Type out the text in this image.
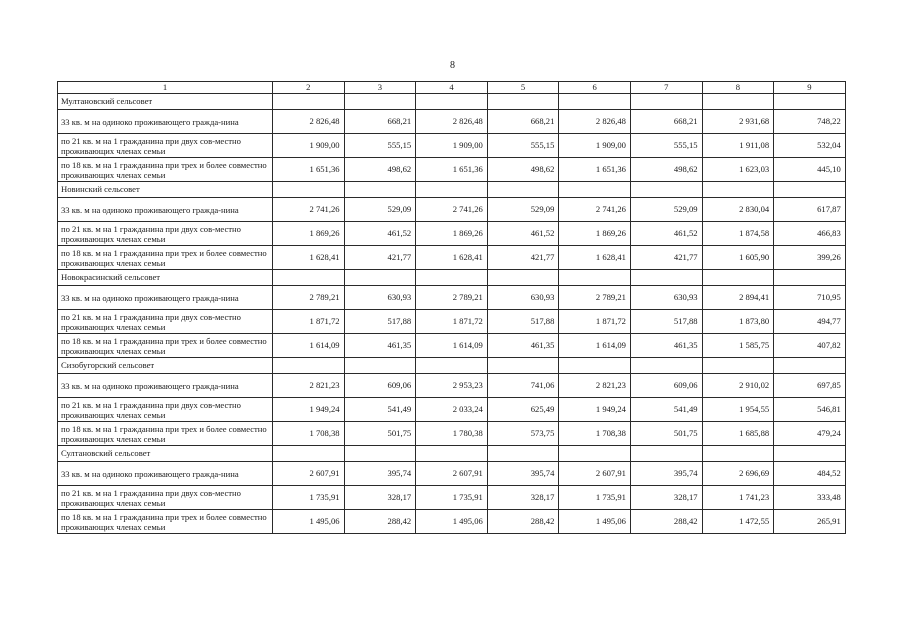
8
1	2	3	4	5	6	7	8	9
Мултановский сельсовет								
33 кв. м на одиноко проживающего гражда-нина	2 826,48	668,21	2 826,48	668,21	2 826,48	668,21	2 931,68	748,22
по 21 кв. м на 1 гражданина при двух сов-местно проживающих членах семьи	1 909,00	555,15	1 909,00	555,15	1 909,00	555,15	1 911,08	532,04
по 18 кв. м на 1 гражданина при трех и более совместно проживающих членах семьи	1 651,36	498,62	1 651,36	498,62	1 651,36	498,62	1 623,03	445,10
Новинский сельсовет								
33 кв. м на одиноко проживающего гражда-нина	2 741,26	529,09	2 741,26	529,09	2 741,26	529,09	2 830,04	617,87
по 21 кв. м на 1 гражданина при двух сов-местно проживающих членах семьи	1 869,26	461,52	1 869,26	461,52	1 869,26	461,52	1 874,58	466,83
по 18 кв. м на 1 гражданина при трех и более совместно проживающих членах семьи	1 628,41	421,77	1 628,41	421,77	1 628,41	421,77	1 605,90	399,26
Новокрасинский сельсовет								
33 кв. м на одиноко проживающего гражда-нина	2 789,21	630,93	2 789,21	630,93	2 789,21	630,93	2 894,41	710,95
по 21 кв. м на 1 гражданина при двух сов-местно проживающих членах семьи	1 871,72	517,88	1 871,72	517,88	1 871,72	517,88	1 873,80	494,77
по 18 кв. м на 1 гражданина при трех и более совместно проживающих членах семьи	1 614,09	461,35	1 614,09	461,35	1 614,09	461,35	1 585,75	407,82
Сизобугорский сельсовет								
33 кв. м на одиноко проживающего гражда-нина	2 821,23	609,06	2 953,23	741,06	2 821,23	609,06	2 910,02	697,85
по 21 кв. м на 1 гражданина при двух сов-местно проживающих членах семьи	1 949,24	541,49	2 033,24	625,49	1 949,24	541,49	1 954,55	546,81
по 18 кв. м на 1 гражданина при трех и более совместно проживающих членах семьи	1 708,38	501,75	1 780,38	573,75	1 708,38	501,75	1 685,88	479,24
Султановский сельсовет								
33 кв. м на одиноко проживающего гражда-нина	2 607,91	395,74	2 607,91	395,74	2 607,91	395,74	2 696,69	484,52
по 21 кв. м на 1 гражданина при двух сов-местно проживающих членах семьи	1 735,91	328,17	1 735,91	328,17	1 735,91	328,17	1 741,23	333,48
по 18 кв. м на 1 гражданина при трех и более совместно проживающих членах семьи	1 495,06	288,42	1 495,06	288,42	1 495,06	288,42	1 472,55	265,91
